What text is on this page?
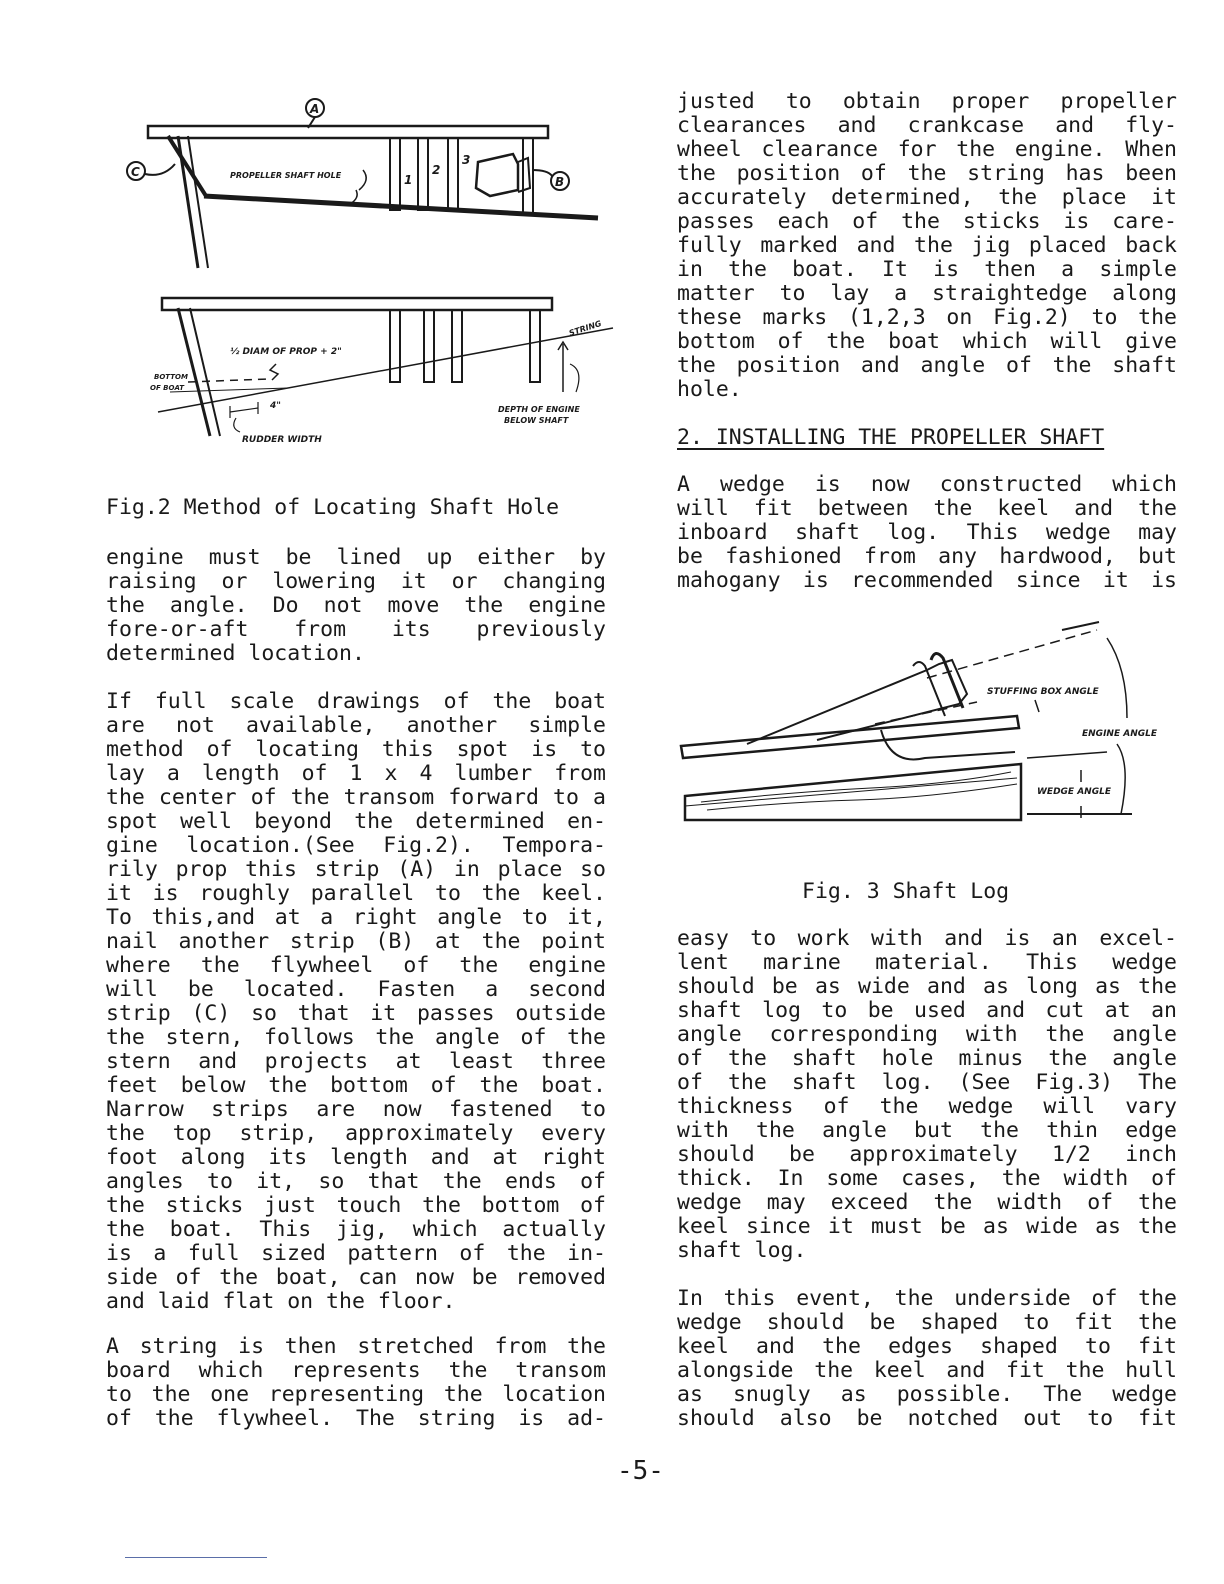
A
C
B
1
2
3
PROPELLER SHAFT HOLE
½ DIAM OF PROP + 2"
STRING
BOTTOM
OF BOAT
DEPTH OF ENGINE
BELOW SHAFT
4"
RUDDER WIDTH
Fig.2 Method of Locating Shaft Hole
engine must be lined up either by
raising or lowering it or changing
the angle. Do not move the engine
fore-or-aft from its previously
determined location.
If full scale drawings of the boat
are not available, another simple
method of locating this spot is to
lay a length of 1 x 4 lumber from
the center of the transom forward to a
spot well beyond the determined en-
gine location.(See Fig.2). Tempora-
rily prop this strip (A) in place so
it is roughly parallel to the keel.
To this,and at a right angle to it,
nail another strip (B) at the point
where the flywheel of the engine
will be located. Fasten a second
strip (C) so that it passes outside
the stern, follows the angle of the
stern and projects at least three
feet below the bottom of the boat.
Narrow strips are now fastened to
the top strip, approximately every
foot along its length and at right
angles to it, so that the ends of
the sticks just touch the bottom of
the boat. This jig, which actually
is a full sized pattern of the in-
side of the boat, can now be removed
and laid flat on the floor.
A string is then stretched from the
board which represents the transom
to the one representing the location
of the flywheel. The string is ad-
justed to obtain proper propeller
clearances and crankcase and fly-
wheel clearance for the engine. When
the position of the string has been
accurately determined, the place it
passes each of the sticks is care-
fully marked and the jig placed back
in the boat. It is then a simple
matter to lay a straightedge along
these marks (1,2,3 on Fig.2) to the
bottom of the boat which will give
the position and angle of the shaft
hole.
2. INSTALLING THE PROPELLER SHAFT
A wedge is now constructed which
will fit between the keel and the
inboard shaft log. This wedge may
be fashioned from any hardwood, but
mahogany is recommended since it is
STUFFING BOX ANGLE
ENGINE ANGLE
WEDGE ANGLE
Fig. 3 Shaft Log
easy to work with and is an excel-
lent marine material. This wedge
should be as wide and as long as the
shaft log to be used and cut at an
angle corresponding with the angle
of the shaft hole minus the angle
of the shaft log. (See Fig.3) The
thickness of the wedge will vary
with the angle but the thin edge
should be approximately 1/2 inch
thick. In some cases, the width of
wedge may exceed the width of the
keel since it must be as wide as the
shaft log.
In this event, the underside of the
wedge should be shaped to fit the
keel and the edges shaped to fit
alongside the keel and fit the hull
as snugly as possible. The wedge
should also be notched out to fit
-5-
